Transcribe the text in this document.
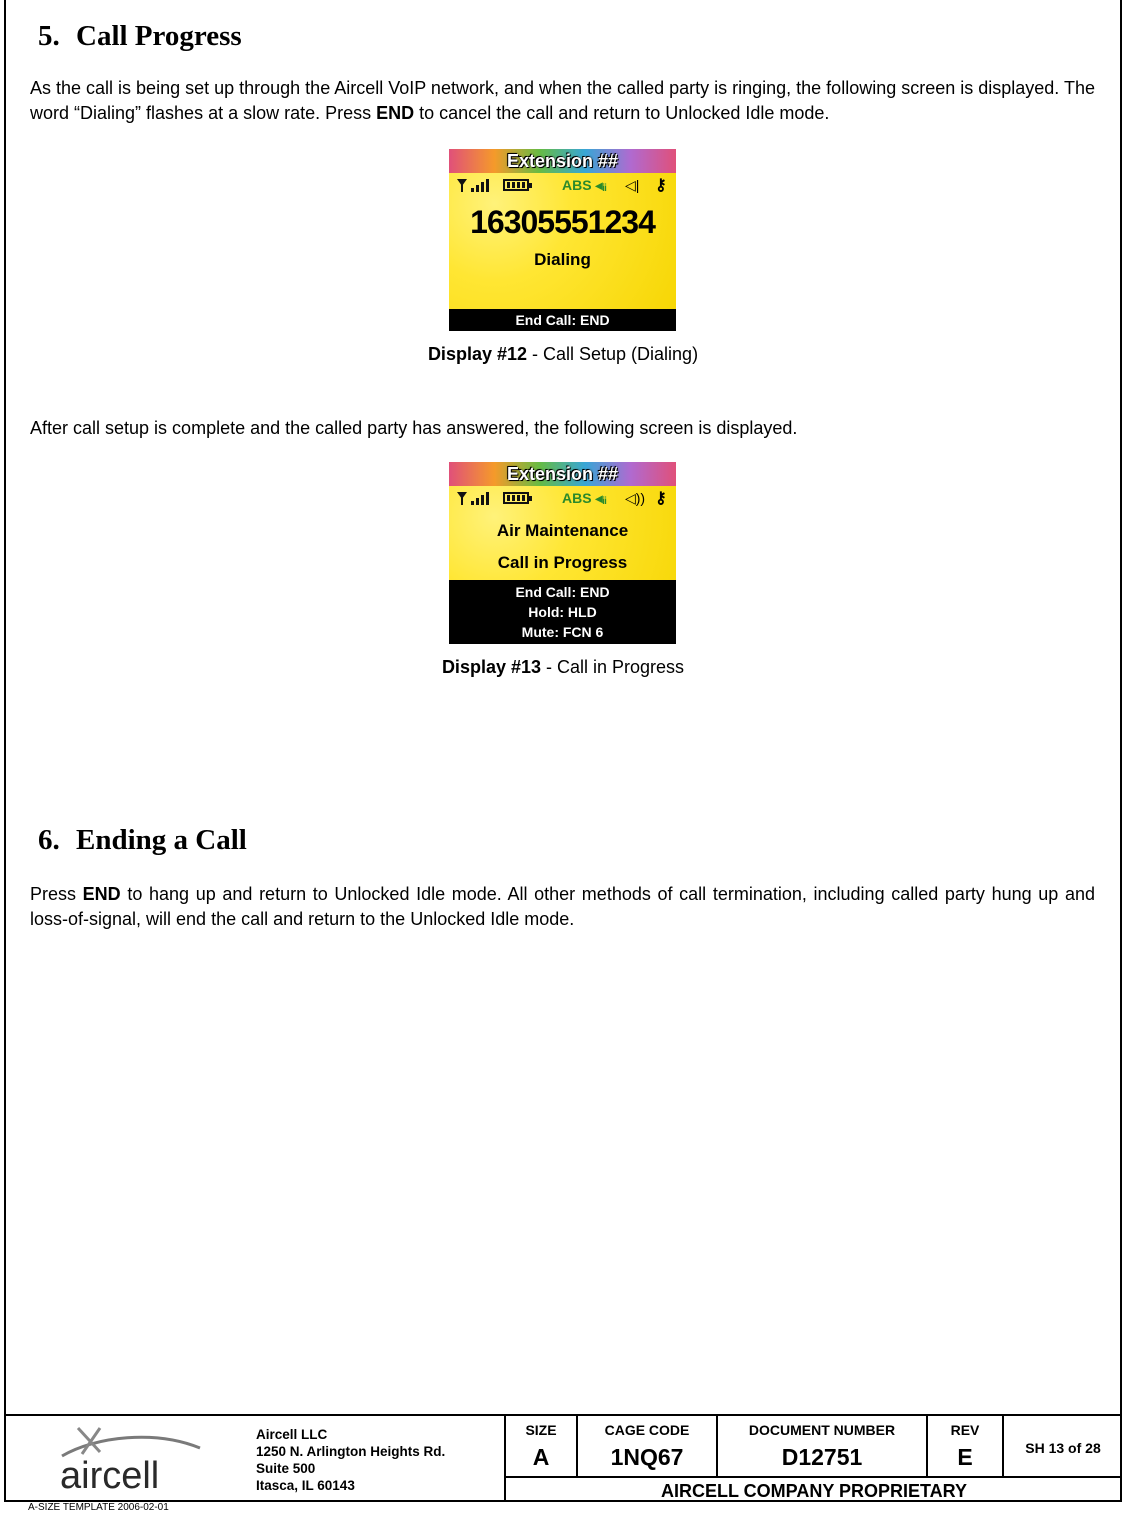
5. Call Progress

As the call is being set up through the Aircell VoIP network, and when the called party is ringing, the following screen is displayed. The word “Dialing” flashes at a slow rate. Press END to cancel the call and return to Unlocked Idle mode.

Extension ##
ABS ◂ᵢᵢ ◁| ⚷
16305551234
Dialing
End Call: END
Display #12 - Call Setup (Dialing)

After call setup is complete and the called party has answered, the following screen is displayed.

Extension ##
ABS ◂ᵢᵢ ◁)) ⚷
Air Maintenance
Call in Progress
End Call: END
Hold: HLD
Mute: FCN 6
Display #13 - Call in Progress
6. Ending a Call

Press END to hang up and return to Unlocked Idle mode. All other methods of call termination, including called party hung up and loss-of-signal, will end the call and return to the Unlocked Idle mode.

aircell
Aircell LLC
1250 N. Arlington Heights Rd.
Suite 500
Itasca, IL 60143
SIZE
A
CAGE CODE
1NQ67
DOCUMENT NUMBER
D12751
REV
E	SH 13 of 28
AIRCELL COMPANY PROPRIETARY
A-SIZE TEMPLATE 2006-02-01
